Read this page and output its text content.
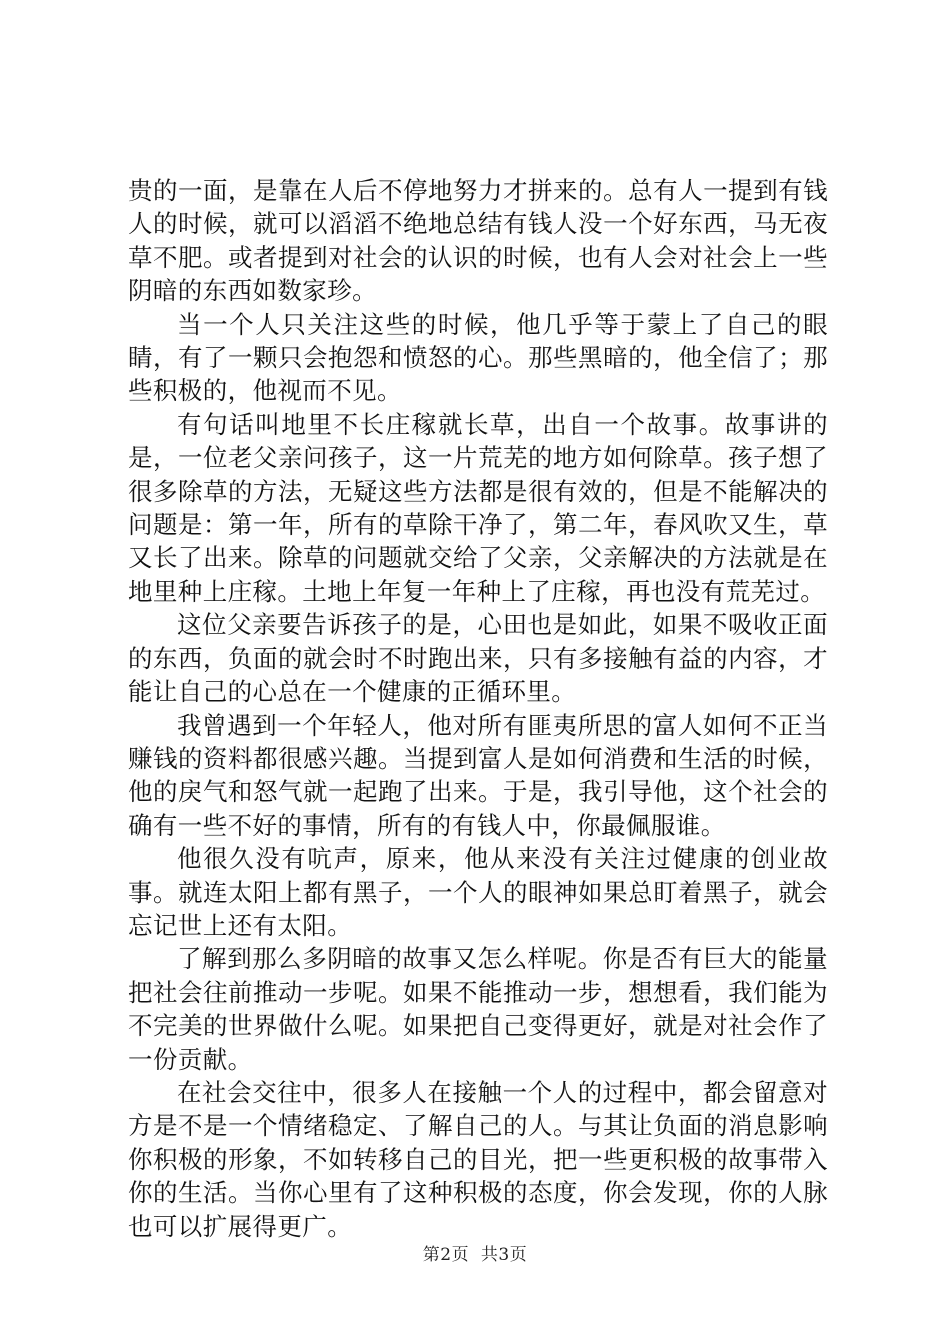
贵的一面，是靠在人后不停地努力才拼来的。总有人一提到有钱人的时候，就可以滔滔不绝地总结有钱人没一个好东西，马无夜草不肥。或者提到对社会的认识的时候，也有人会对社会上一些阴暗的东西如数家珍。

当一个人只关注这些的时候，他几乎等于蒙上了自己的眼睛，有了一颗只会抱怨和愤怒的心。那些黑暗的，他全信了；那些积极的，他视而不见。

有句话叫地里不长庄稼就长草，出自一个故事。故事讲的是，一位老父亲问孩子，这一片荒芜的地方如何除草。孩子想了很多除草的方法，无疑这些方法都是很有效的，但是不能解决的问题是：第一年，所有的草除干净了，第二年，春风吹又生，草又长了出来。除草的问题就交给了父亲，父亲解决的方法就是在地里种上庄稼。土地上年复一年种上了庄稼，再也没有荒芜过。

这位父亲要告诉孩子的是，心田也是如此，如果不吸收正面的东西，负面的就会时不时跑出来，只有多接触有益的内容，才能让自己的心总在一个健康的正循环里。

我曾遇到一个年轻人，他对所有匪夷所思的富人如何不正当赚钱的资料都很感兴趣。当提到富人是如何消费和生活的时候，他的戾气和怒气就一起跑了出来。于是，我引导他，这个社会的确有一些不好的事情，所有的有钱人中，你最佩服谁。

他很久没有吭声，原来，他从来没有关注过健康的创业故事。就连太阳上都有黑子，一个人的眼神如果总盯着黑子，就会忘记世上还有太阳。

了解到那么多阴暗的故事又怎么样呢。你是否有巨大的能量把社会往前推动一步呢。如果不能推动一步，想想看，我们能为不完美的世界做什么呢。如果把自己变得更好，就是对社会作了一份贡献。

在社会交往中，很多人在接触一个人的过程中，都会留意对方是不是一个情绪稳定、了解自己的人。与其让负面的消息影响你积极的形象，不如转移自己的目光，把一些更积极的故事带入你的生活。当你心里有了这种积极的态度，你会发现，你的人脉也可以扩展得更广。

第2页  共3页
